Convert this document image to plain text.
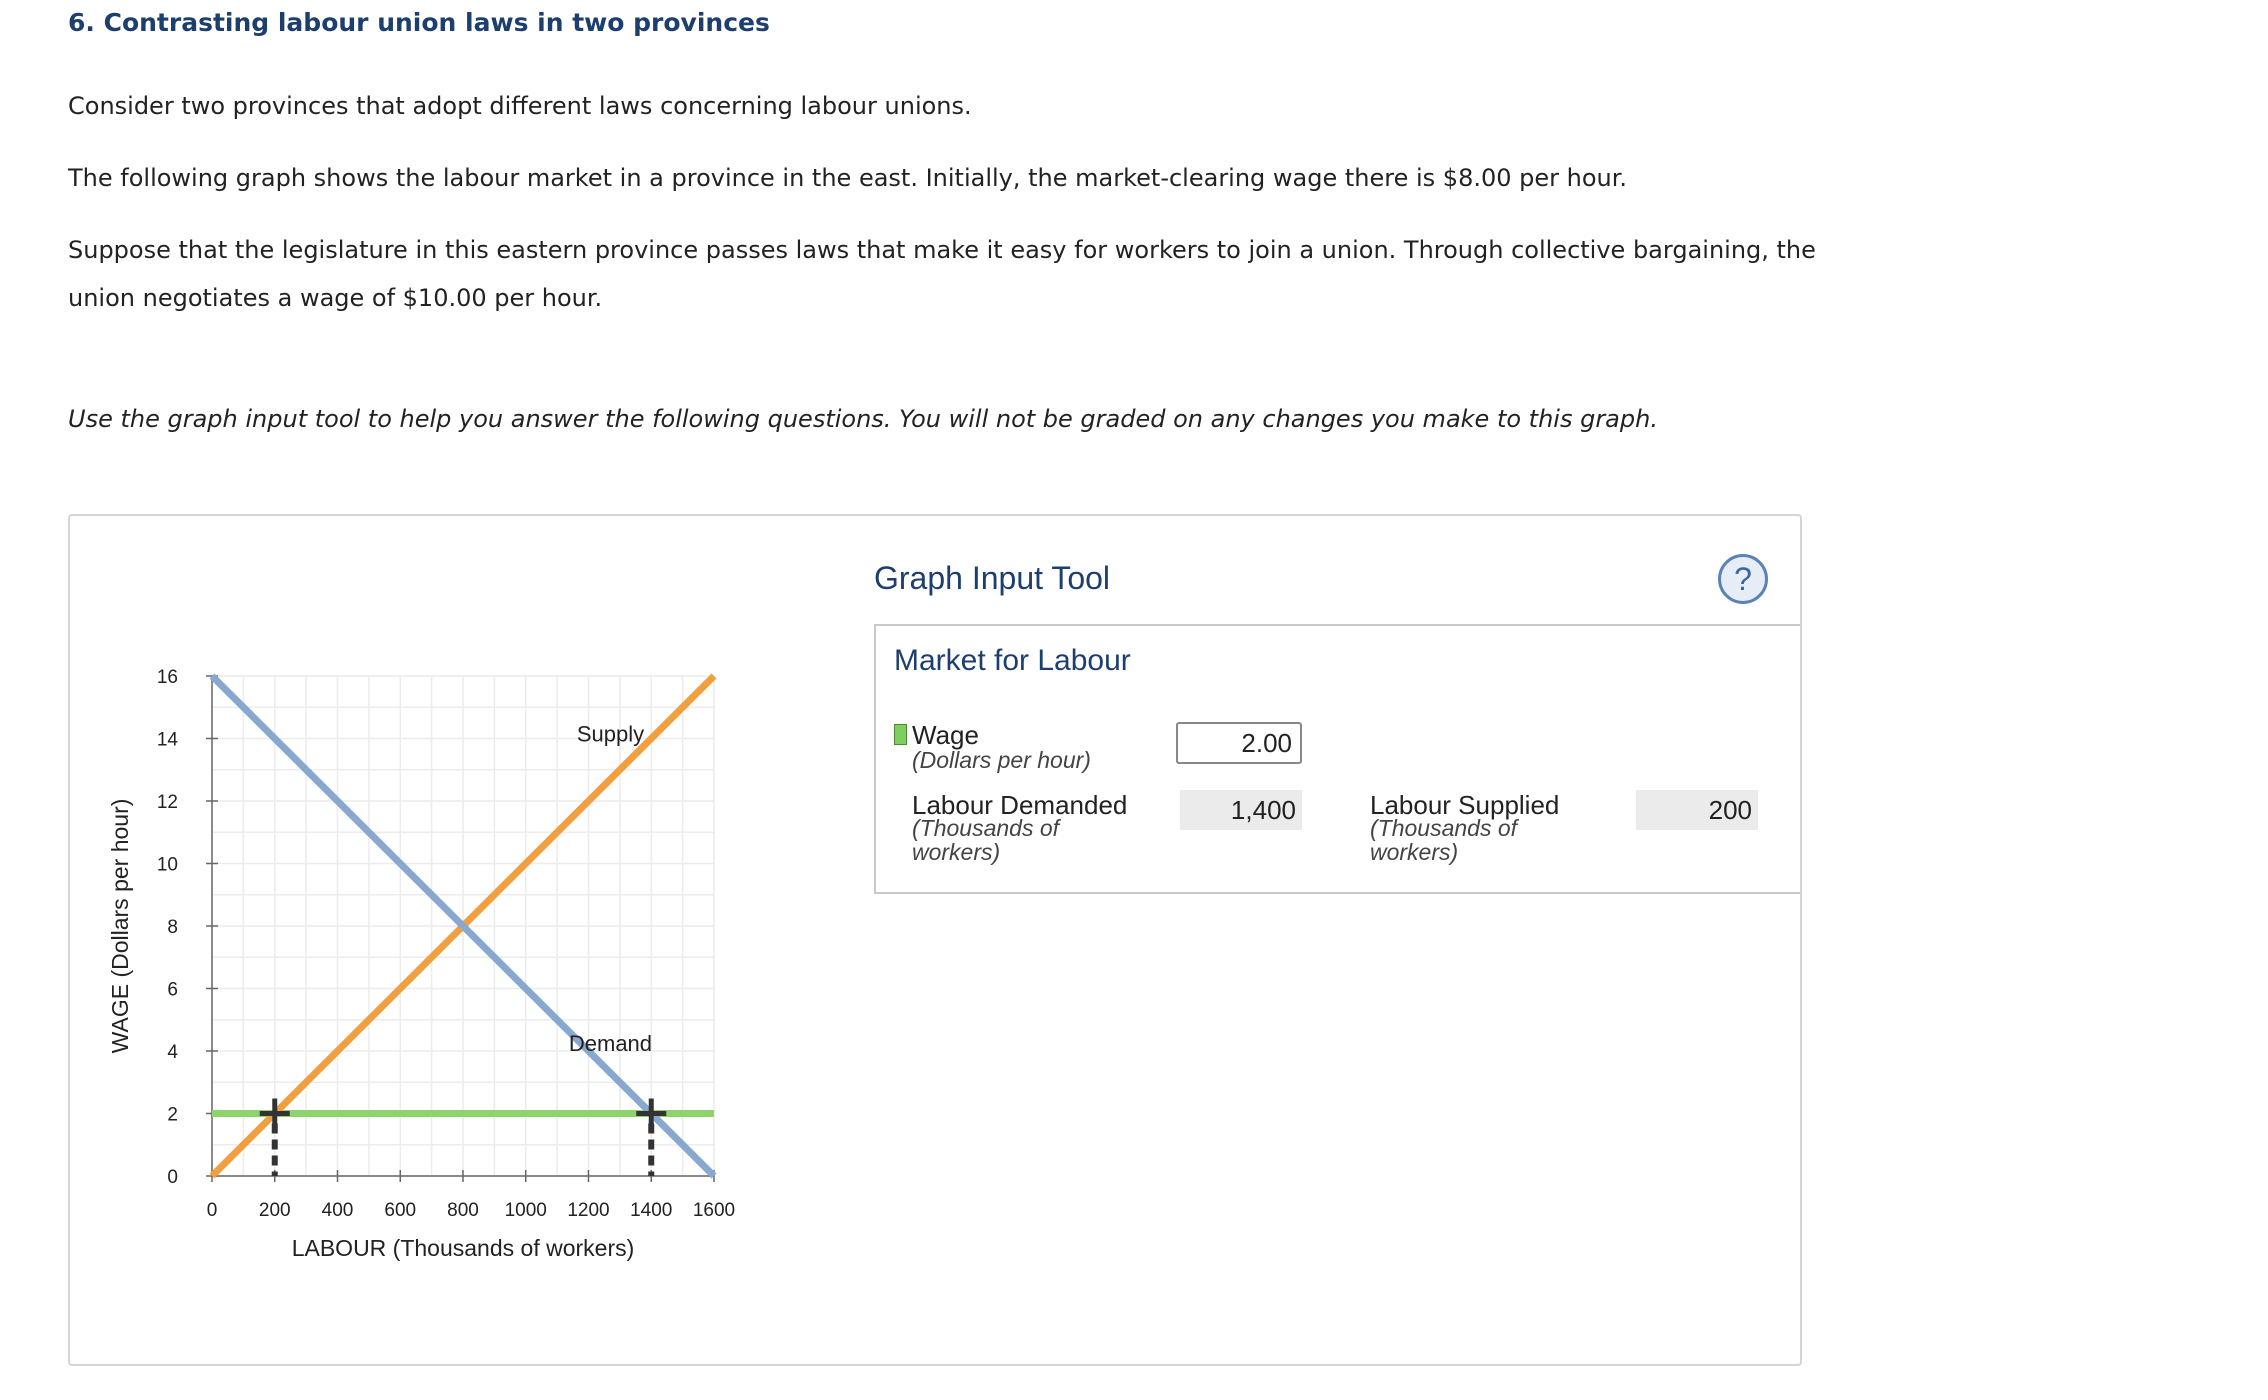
6. Contrasting labour union laws in two provinces

Consider two provinces that adopt different laws concerning labour unions.

The following graph shows the labour market in a province in the east. Initially, the market-clearing wage there is $8.00 per hour.

Suppose that the legislature in this eastern province passes laws that make it easy for workers to join a union. Through collective bargaining, the union negotiates a wage of $10.00 per hour.

Use the graph input tool to help you answer the following questions. You will not be graded on any changes you make to this graph.

0 200 400 600 800 1000 1200 1400 1600
0
2
4
6
8
10
12
14
16
Supply
Demand
LABOUR (Thousands of workers)
WAGE (Dollars per hour)
Graph Input Tool	?
Market for Labour
Wage
(Dollars per hour)
2.00
Labour Demanded
(Thousands of
workers)
1,400	Labour Supplied
(Thousands of
workers)
200
